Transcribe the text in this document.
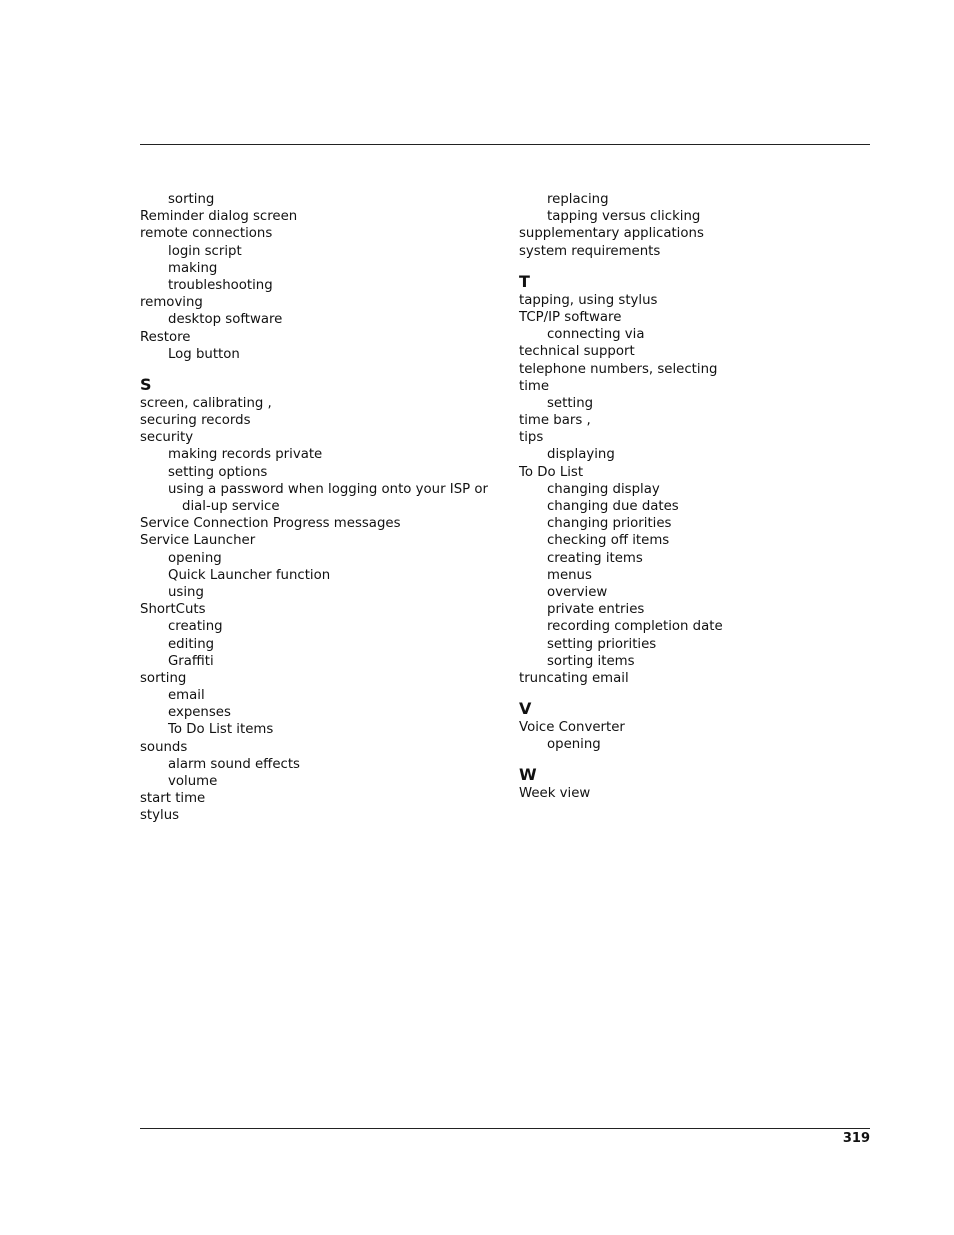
sorting
Reminder dialog screen
remote connections
login script
making
troubleshooting
removing
desktop software
Restore
Log button
S
screen, calibrating ,
securing records
security
making records private
setting options
using a password when logging onto your ISP or
dial-up service
Service Connection Progress messages
Service Launcher
opening
Quick Launcher function
using
ShortCuts
creating
editing
Graffiti
sorting
email
expenses
To Do List items
sounds
alarm sound effects
volume
start time
stylus
replacing
tapping versus clicking
supplementary applications
system requirements
T
tapping, using stylus
TCP/IP software
connecting via
technical support
telephone numbers, selecting
time
setting
time bars ,
tips
displaying
To Do List
changing display
changing due dates
changing priorities
checking off items
creating items
menus
overview
private entries
recording completion date
setting priorities
sorting items
truncating email
V
Voice Converter
opening
W
Week view
319
